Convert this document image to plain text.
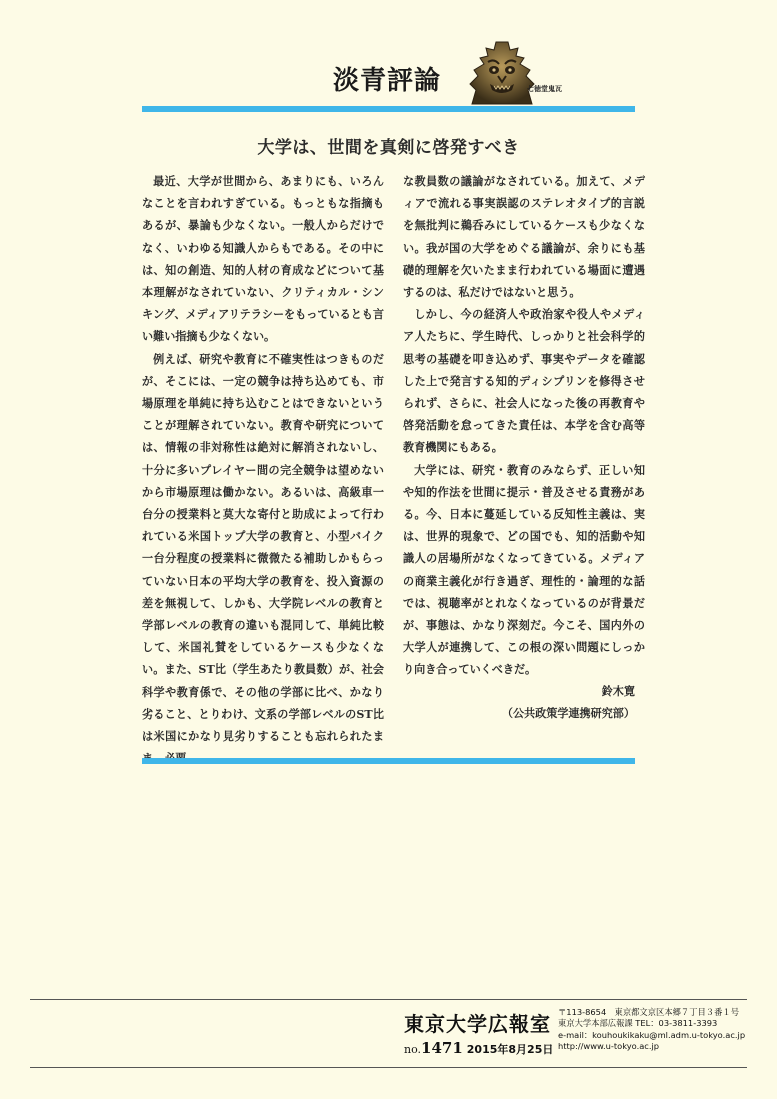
淡青評論	七徳堂鬼瓦
大学は、世間を真剣に啓発すべき

最近、大学が世間から、あまりにも、いろんなことを言われすぎている。もっともな指摘もあるが、暴論も少なくない。一般人からだけでなく、いわゆる知識人からもである。その中には、知の創造、知的人材の育成などについて基本理解がなされていない、クリティカル・シンキング、メディアリテラシーをもっているとも言い難い指摘も少なくない。

例えば、研究や教育に不確実性はつきものだが、そこには、一定の競争は持ち込めても、市場原理を単純に持ち込むことはできないということが理解されていない。教育や研究については、情報の非対称性は絶対に解消されないし、十分に多いプレイヤー間の完全競争は望めないから市場原理は働かない。あるいは、高級車一台分の授業料と莫大な寄付と助成によって行われている米国トップ大学の教育と、小型バイク一台分程度の授業料に微微たる補助しかもらっていない日本の平均大学の教育を、投入資源の差を無視して、しかも、大学院レベルの教育と学部レベルの教育の違いも混同して、単純比較して、米国礼賛をしているケースも少なくない。また、ST比（学生あたり教員数）が、社会科学や教育係で、その他の学部に比べ、かなり劣ること、とりわけ、文系の学部レベルのST比は米国にかなり見劣りすることも忘れられたま

な教員数の議論がなされている。加えて、メディアで流れる事実誤認のステレオタイプ的言説を無批判に鵜呑みにしているケースも少なくない。我が国の大学をめぐる議論が、余りにも基礎的理解を欠いたまま行われている場面に遭遇するのは、私だけではないと思う。

しかし、今の経済人や政治家や役人やメディア人たちに、学生時代、しっかりと社会科学的思考の基礎を叩き込めず、事実やデータを確認した上で発言する知的ディシプリンを修得させられず、さらに、社会人になった後の再教育や啓発活動を怠ってきた責任は、本学を含む高等教育機関にもある。

大学には、研究・教育のみならず、正しい知や知的作法を世間に提示・普及させる責務がある。今、日本に蔓延している反知性主義は、実は、世界的現象で、どの国でも、知的活動や知識人の居場所がなくなってきている。メディアの商業主義化が行き過ぎ、理性的・論理的な話では、視聴率がとれなくなっているのが背景だが、事態は、かなり深刻だ。今こそ、国内外の大学人が連携して、この根の深い問題にしっかり向き合っていくべきだ。

鈴木寛
（公共政策学連携研究部）
東京大学広報室
no.1471 2015年8月25日
〒113-8654　東京都文京区本郷７丁目３番１号
東京大学本部広報課 TEL：03-3811-3393
e-mail：kouhoukikaku@ml.adm.u-tokyo.ac.jp
http://www.u-tokyo.ac.jp
